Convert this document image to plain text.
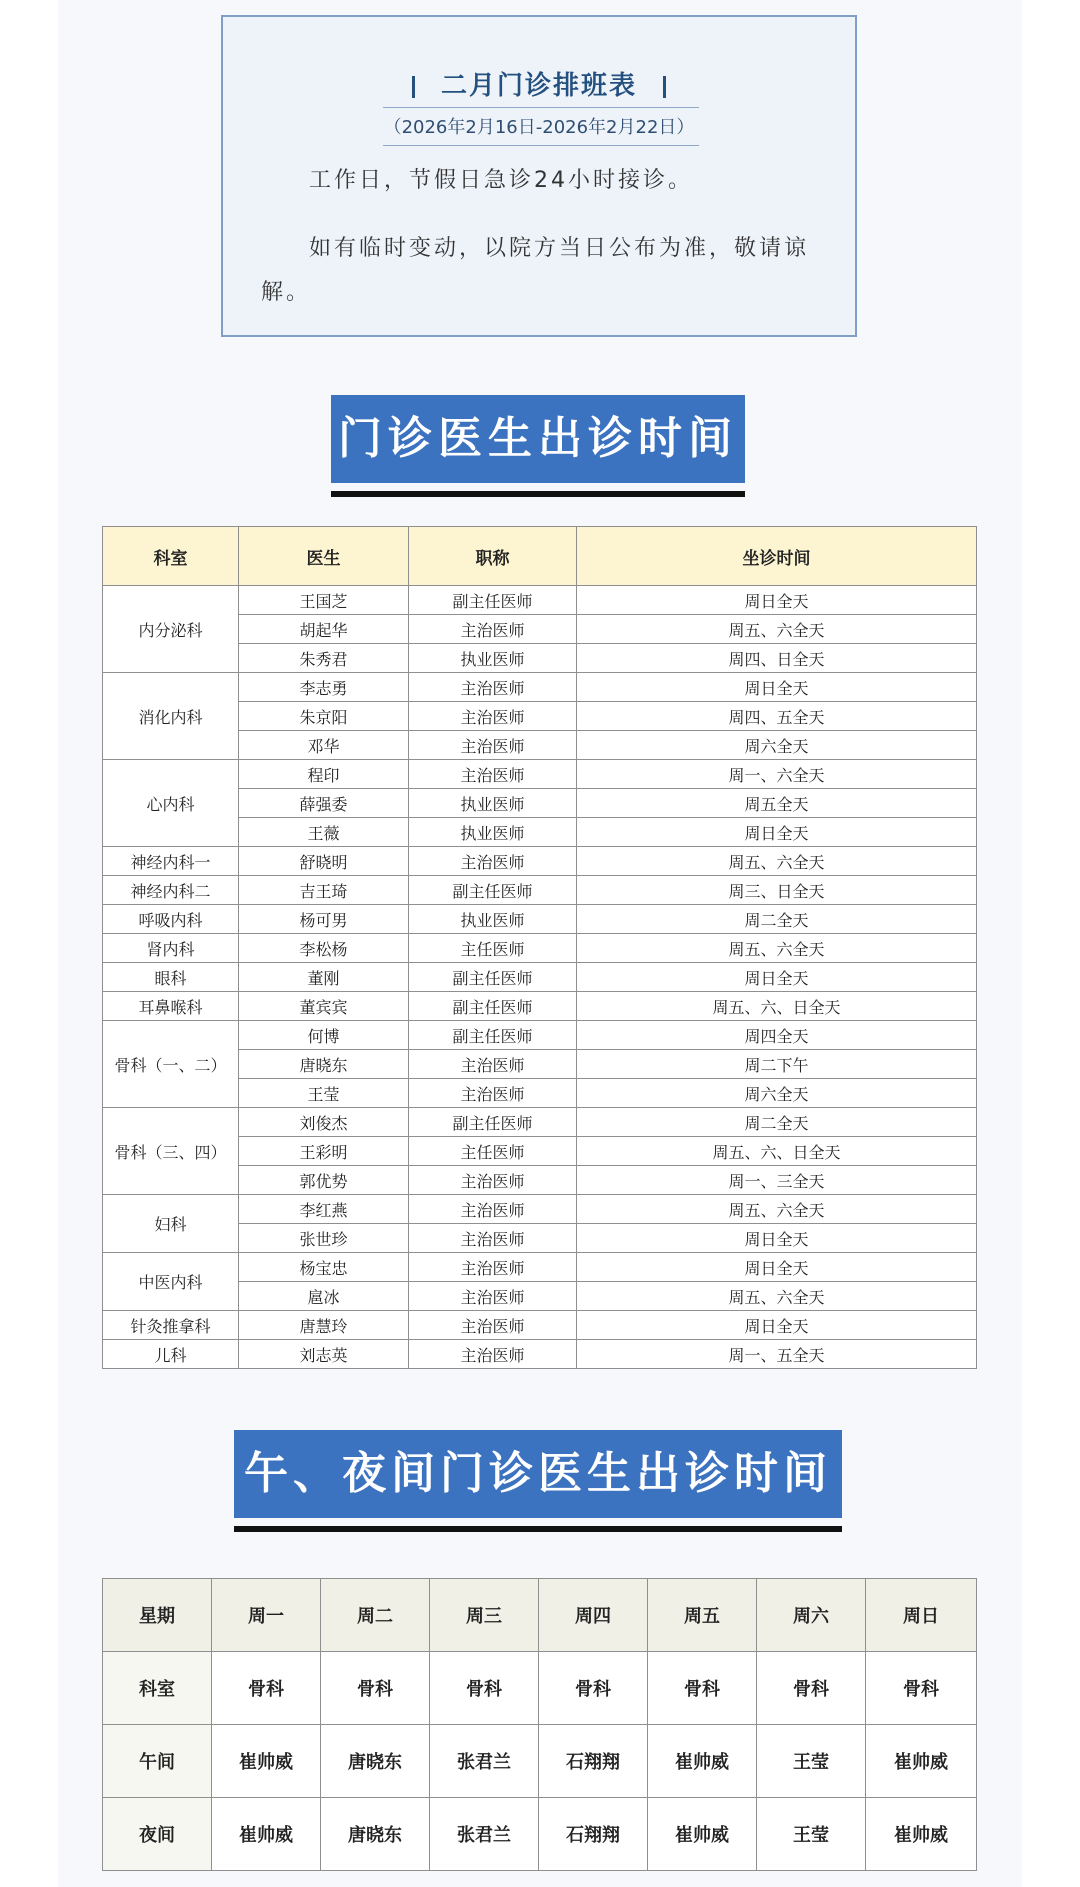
二月门诊排班表
（2026年2月16日-2026年2月22日）
工作日，节假日急诊24小时接诊。
如有临时变动，以院方当日公布为准，敬请谅解。
门诊医生出诊时间
科室	医生	职称	坐诊时间
内分泌科	王国芝	副主任医师	周日全天
	胡起华	主治医师	周五、六全天
	朱秀君	执业医师	周四、日全天
消化内科	李志勇	主治医师	周日全天
	朱京阳	主治医师	周四、五全天
	邓华	主治医师	周六全天
心内科	程印	主治医师	周一、六全天
	薛强委	执业医师	周五全天
	王薇	执业医师	周日全天
神经内科一	舒晓明	主治医师	周五、六全天
神经内科二	吉王琦	副主任医师	周三、日全天
呼吸内科	杨可男	执业医师	周二全天
肾内科	李松杨	主任医师	周五、六全天
眼科	董刚	副主任医师	周日全天
耳鼻喉科	董宾宾	副主任医师	周五、六、日全天
骨科（一、二）	何博	副主任医师	周四全天
	唐晓东	主治医师	周二下午
	王莹	主治医师	周六全天
骨科（三、四）	刘俊杰	副主任医师	周二全天
	王彩明	主任医师	周五、六、日全天
	郭优势	主治医师	周一、三全天
妇科	李红燕	主治医师	周五、六全天
	张世珍	主治医师	周日全天
中医内科	杨宝忠	主治医师	周日全天
	扈冰	主治医师	周五、六全天
针灸推拿科	唐慧玲	主治医师	周日全天
儿科	刘志英	主治医师	周一、五全天
午、夜间门诊医生出诊时间
星期	周一	周二	周三	周四	周五	周六	周日
科室	骨科	骨科	骨科	骨科	骨科	骨科	骨科
午间	崔帅威	唐晓东	张君兰	石翔翔	崔帅威	王莹	崔帅威
夜间	崔帅威	唐晓东	张君兰	石翔翔	崔帅威	王莹	崔帅威
